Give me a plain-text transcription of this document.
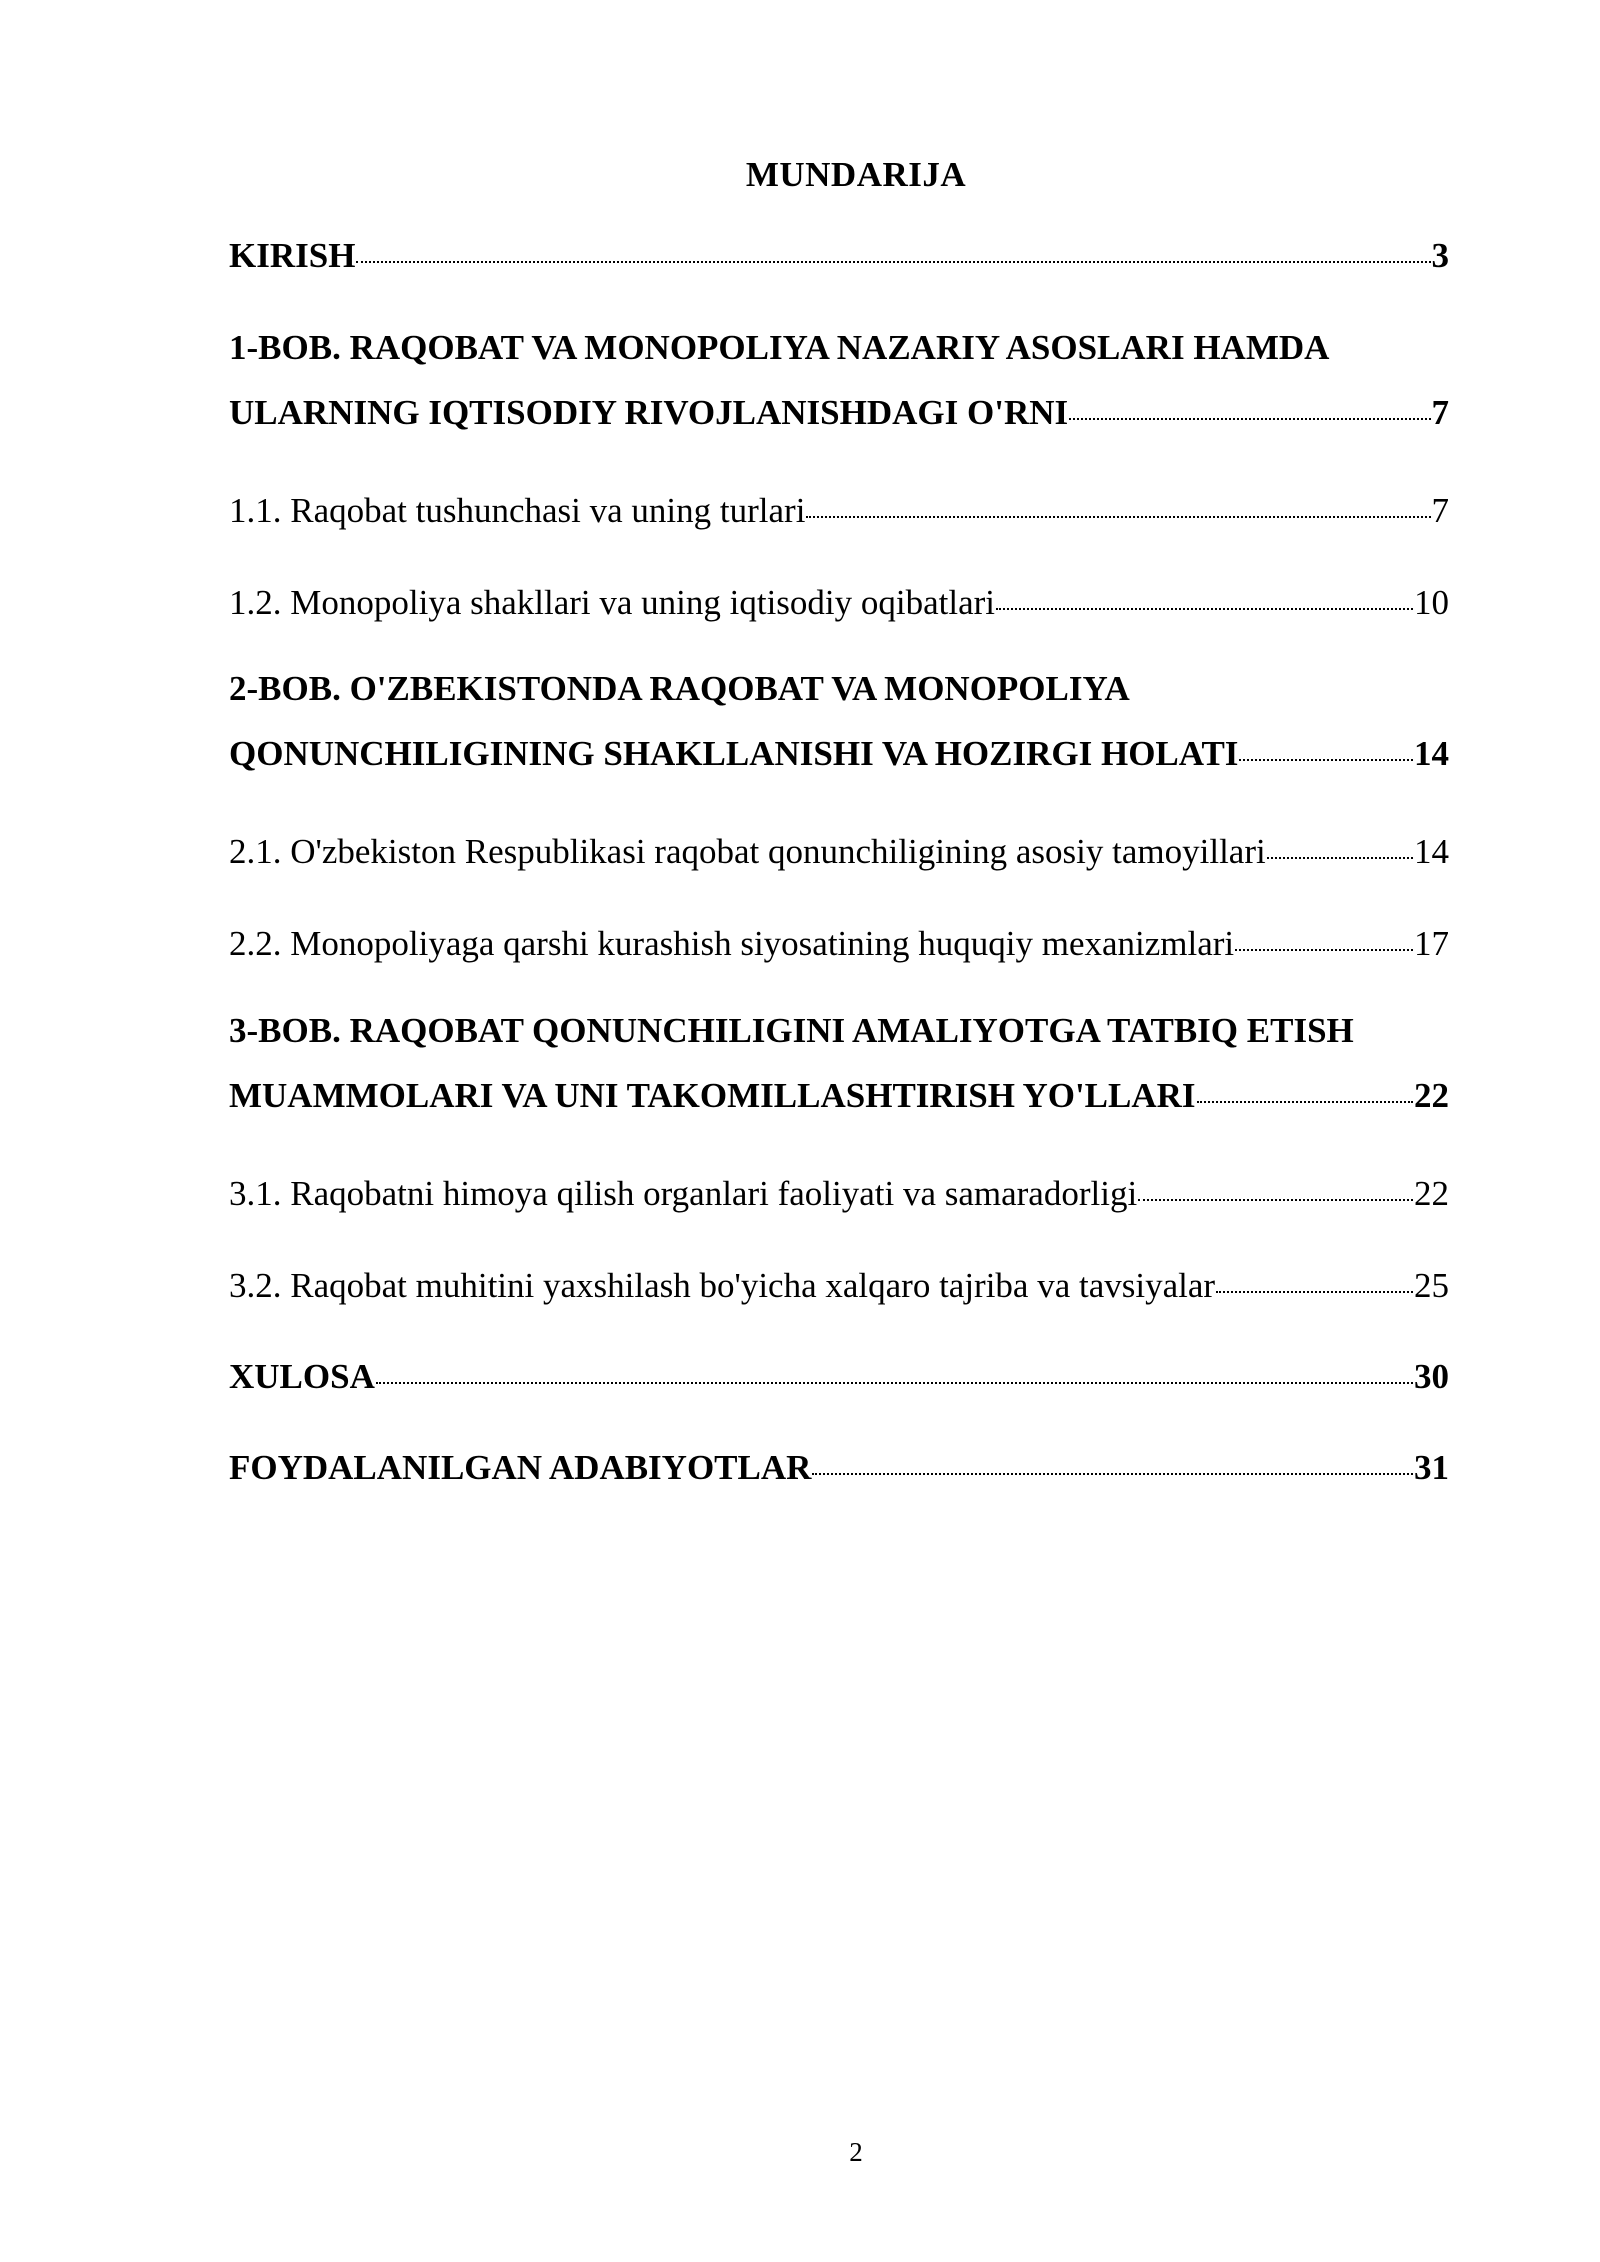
MUNDARIJA
KIRISH	3
1-BOB. RAQOBAT VA MONOPOLIYA NAZARIY ASOSLARI HAMDA
ULARNING IQTISODIY RIVOJLANISHDAGI O'RNI	7
1.1. Raqobat tushunchasi va uning turlari	7
1.2. Monopoliya shakllari va uning iqtisodiy oqibatlari	10
2-BOB. O'ZBEKISTONDA RAQOBAT VA MONOPOLIYA
QONUNCHILIGINING SHAKLLANISHI VA HOZIRGI HOLATI	14
2.1. O'zbekiston Respublikasi raqobat qonunchiligining asosiy tamoyillari	14
2.2. Monopoliyaga qarshi kurashish siyosatining huquqiy mexanizmlari	17
3-BOB. RAQOBAT QONUNCHILIGINI AMALIYOTGA TATBIQ ETISH
MUAMMOLARI VA UNI TAKOMILLASHTIRISH YO'LLARI	22
3.1. Raqobatni himoya qilish organlari faoliyati va samaradorligi	22
3.2. Raqobat muhitini yaxshilash bo'yicha xalqaro tajriba va tavsiyalar	25
XULOSA	30
FOYDALANILGAN ADABIYOTLAR	31
2
